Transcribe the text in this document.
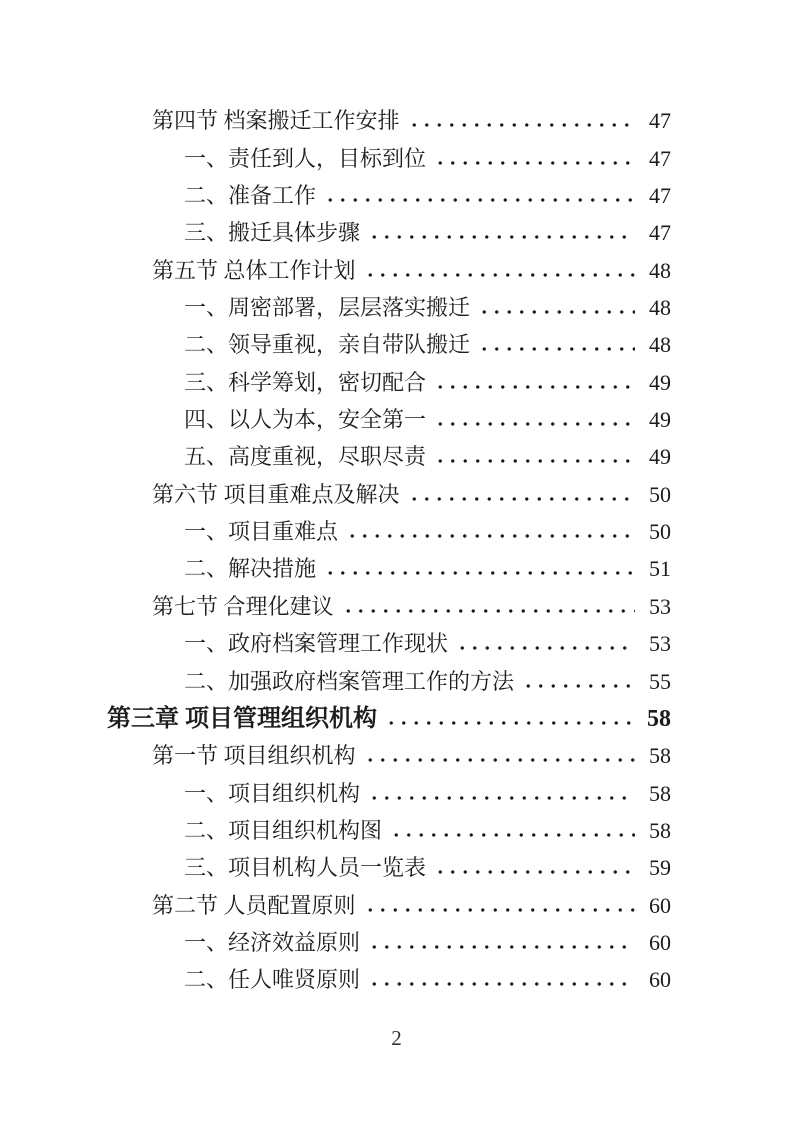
第四节 档案搬迁工作安排	47
一、责任到人，目标到位	47
二、准备工作	47
三、搬迁具体步骤	47
第五节 总体工作计划	48
一、周密部署，层层落实搬迁	48
二、领导重视，亲自带队搬迁	48
三、科学筹划，密切配合	49
四、以人为本，安全第一	49
五、高度重视，尽职尽责	49
第六节 项目重难点及解决	50
一、项目重难点	50
二、解决措施	51
第七节 合理化建议	53
一、政府档案管理工作现状	53
二、加强政府档案管理工作的方法	55
第三章 项目管理组织机构	58
第一节 项目组织机构	58
一、项目组织机构	58
二、项目组织机构图	58
三、项目机构人员一览表	59
第二节 人员配置原则	60
一、经济效益原则	60
二、任人唯贤原则	60
2
